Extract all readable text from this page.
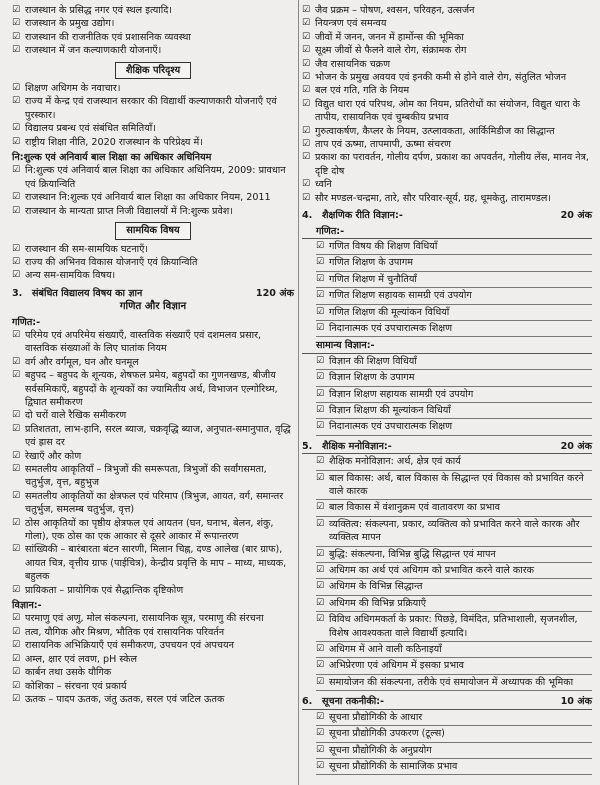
☑ राजस्थान के प्रसिद्ध नगर एवं स्थल इत्यादि।
☑ राजस्थान के प्रमुख उद्योग।
☑ राजस्थान की राजनीतिक एवं प्रशासनिक व्यवस्था
☑ राजस्थान में जन कल्याणकारी योजनाएँ।
शैक्षिक परिदृश्य
☑ शिक्षण अधिगम के नवाचार।
☑ राज्य में केन्द्र एवं राजस्थान सरकार की विद्यार्थी कल्याणकारी योजनाएँ एवं पुरस्कार।
☑ विद्यालय प्रबन्ध एवं संबंधित समितियाँ।
☑ राष्ट्रीय शिक्षा नीति, 2020 राजस्थान के परिप्रेक्ष्य में।
नि:शुल्क एवं अनिवार्य बाल शिक्षा का अधिकार अधिनियम
☑ नि:शुल्क एवं अनिवार्य बाल शिक्षा का अधिकार अधिनियम, 2009: प्रावधान एवं क्रियान्विति
☑ राजस्थान नि:शुल्क एवं अनिवार्य बाल शिक्षा का अधिकार नियम, 2011
☑ राजस्थान के मान्यता प्राप्त निजी विद्यालयों में नि:शुल्क प्रवेश।
सामयिक विषय
☑ राजस्थान की सम-सामयिक घटनाएँ।
☑ राज्य की अभिनव विकास योजनाएँ एवं क्रियान्विति
☑ अन्य सम-सामयिक विषय।
3.	संबंधित विद्यालय विषय का ज्ञान	120 अंक
गणित और विज्ञान
गणित:-
☑ परिमेय एवं अपरिमेय संख्याएँ, वास्तविक संख्याएँ एवं दशमलव प्रसार, वास्तविक संख्याओं के लिए घातांक नियम
☑ वर्ग और वर्गमूल, घन और घनमूल
☑ बहुपद – बहुपद के शून्यक, शेषफल प्रमेय, बहुपदों का गुणनखण्ड, बीजीय सर्वसमिकाएँ, बहुपदों के शून्यकों का ज्यामितीय अर्थ, विभाजन एल्गोरिथ्म, द्विघात समीकरण
☑ दो चरों वाले रैखिक समीकरण
☑ प्रतिशतता, लाभ-हानि, सरल ब्याज, चक्रवृद्धि ब्याज, अनुपात-समानुपात, वृद्धि एवं ह्रास दर
☑ रेखाएँ और कोण
☑ समतलीय आकृतियाँ – त्रिभुजों की समरूपता, त्रिभुजों की सर्वांगसमता, चतुर्भुज, वृत्त, बहुभुज
☑ समतलीय आकृतियों का क्षेत्रफल एवं परिमाप (त्रिभुज, आयत, वर्ग, समान्तर चतुर्भुज, समलम्ब चतुर्भुज, वृत्त)
☑ ठोस आकृतियों का पृष्ठीय क्षेत्रफल एवं आयतन (घन, घनाभ, बेलन, शंकु, गोला), एक ठोस का एक आकार से दूसरे आकार में रूपान्तरण
☑ सांख्यिकी – बारंबारता बंटन सारणी, मिलान चिह्न, दण्ड आलेख (बार ग्राफ), आयत चित्र, वृत्तीय ग्राफ (पाईचित्र), केन्द्रीय प्रवृत्ति के माप – माध्य, माध्यक, बहुलक
☑ प्रायिकता – प्रायोगिक एवं सैद्धान्तिक दृष्टिकोण
विज्ञान:-
☑ परमाणु एवं अणु, मोल संकल्पना, रासायनिक सूत्र, परमाणु की संरचना
☑ तत्व, यौगिक और मिश्रण, भौतिक एवं रासायनिक परिवर्तन
☑ रासायनिक अभिक्रियाएँ एवं समीकरण, उपचयन एवं अपचयन
☑ अम्ल, क्षार एवं लवण, pH स्केल
☑ कार्बन तथा उसके यौगिक
☑ कोशिका – संरचना एवं प्रकार्य
☑ ऊतक – पादप ऊतक, जंतु ऊतक, सरल एवं जटिल ऊतक
☑ जैव प्रक्रम – पोषण, श्वसन, परिवहन, उत्सर्जन
☑ नियन्त्रण एवं समन्वय
☑ जीवों में जनन, जनन में हार्मोन्स की भूमिका
☑ सूक्ष्म जीवों से फैलने वाले रोग, संक्रामक रोग
☑ जैव रासायनिक चक्रण
☑ भोजन के प्रमुख अवयव एवं इनकी कमी से होने वाले रोग, संतुलित भोजन
☑ बल एवं गति, गति के नियम
☑ विद्युत धारा एवं परिपथ, ओम का नियम, प्रतिरोधों का संयोजन, विद्युत धारा के तापीय, रासायनिक एवं चुम्बकीय प्रभाव
☑ गुरुत्वाकर्षण, कैप्लर के नियम, उत्प्लावकता, आर्किमिडीज का सिद्धान्त
☑ ताप एवं ऊष्मा, तापमापी, ऊष्मा संचरण
☑ प्रकाश का परावर्तन, गोलीय दर्पण, प्रकाश का अपवर्तन, गोलीय लेंस, मानव नेत्र, दृष्टि दोष
☑ ध्वनि
☑ सौर मण्डल-चन्द्रमा, तारे, सौर परिवार-सूर्य, ग्रह, धूमकेतु, तारामण्डल।
4.	शैक्षणिक रीति विज्ञान:-	20 अंक
गणित:-
☑ गणित विषय की शिक्षण विधियाँ
☑ गणित शिक्षण के उपागम
☑ गणित शिक्षण में चुनौतियाँ
☑ गणित शिक्षण सहायक सामग्री एवं उपयोग
☑ गणित शिक्षण की मूल्यांकन विधियाँ
☑ निदानात्मक एवं उपचारात्मक शिक्षण
सामान्य विज्ञान:-
☑ विज्ञान की शिक्षण विधियाँ
☑ विज्ञान शिक्षण के उपागम
☑ विज्ञान शिक्षण सहायक सामग्री एवं उपयोग
☑ विज्ञान शिक्षण की मूल्यांकन विधियाँ
☑ निदानात्मक एवं उपचारात्मक शिक्षण
5.	शैक्षिक मनोविज्ञान:-	20 अंक
☑ शैक्षिक मनोविज्ञान: अर्थ, क्षेत्र एवं कार्य
☑ बाल विकास: अर्थ, बाल विकास के सिद्धान्त एवं विकास को प्रभावित करने वाले कारक
☑ बाल विकास में वंशानुक्रम एवं वातावरण का प्रभाव
☑ व्यक्तित्व: संकल्पना, प्रकार, व्यक्तित्व को प्रभावित करने वाले कारक और व्यक्तित्व मापन
☑ बुद्धि: संकल्पना, विभिन्न बुद्धि सिद्धान्त एवं मापन
☑ अधिगम का अर्थ एवं अधिगम को प्रभावित करने वाले कारक
☑ अधिगम के विभिन्न सिद्धान्त
☑ अधिगम की विभिन्न प्रक्रियाएँ
☑ विविध अधिगमकर्ता के प्रकार: पिछड़े, विमंदित, प्रतिभाशाली, सृजनशील, विशेष आवश्यकता वाले विद्यार्थी इत्यादि।
☑ अधिगम में आने वाली कठिनाइयाँ
☑ अभिप्रेरणा एवं अधिगम में इसका प्रभाव
☑ समायोजन की संकल्पना, तरीके एवं समायोजन में अध्यापक की भूमिका
6.	सूचना तकनीकी:-	10 अंक
☑ सूचना प्रौद्योगिकी के आधार
☑ सूचना प्रौद्योगिकी उपकरण (टूल्स)
☑ सूचना प्रौद्योगिकी के अनुप्रयोग
☑ सूचना प्रौद्योगिकी के सामाजिक प्रभाव
